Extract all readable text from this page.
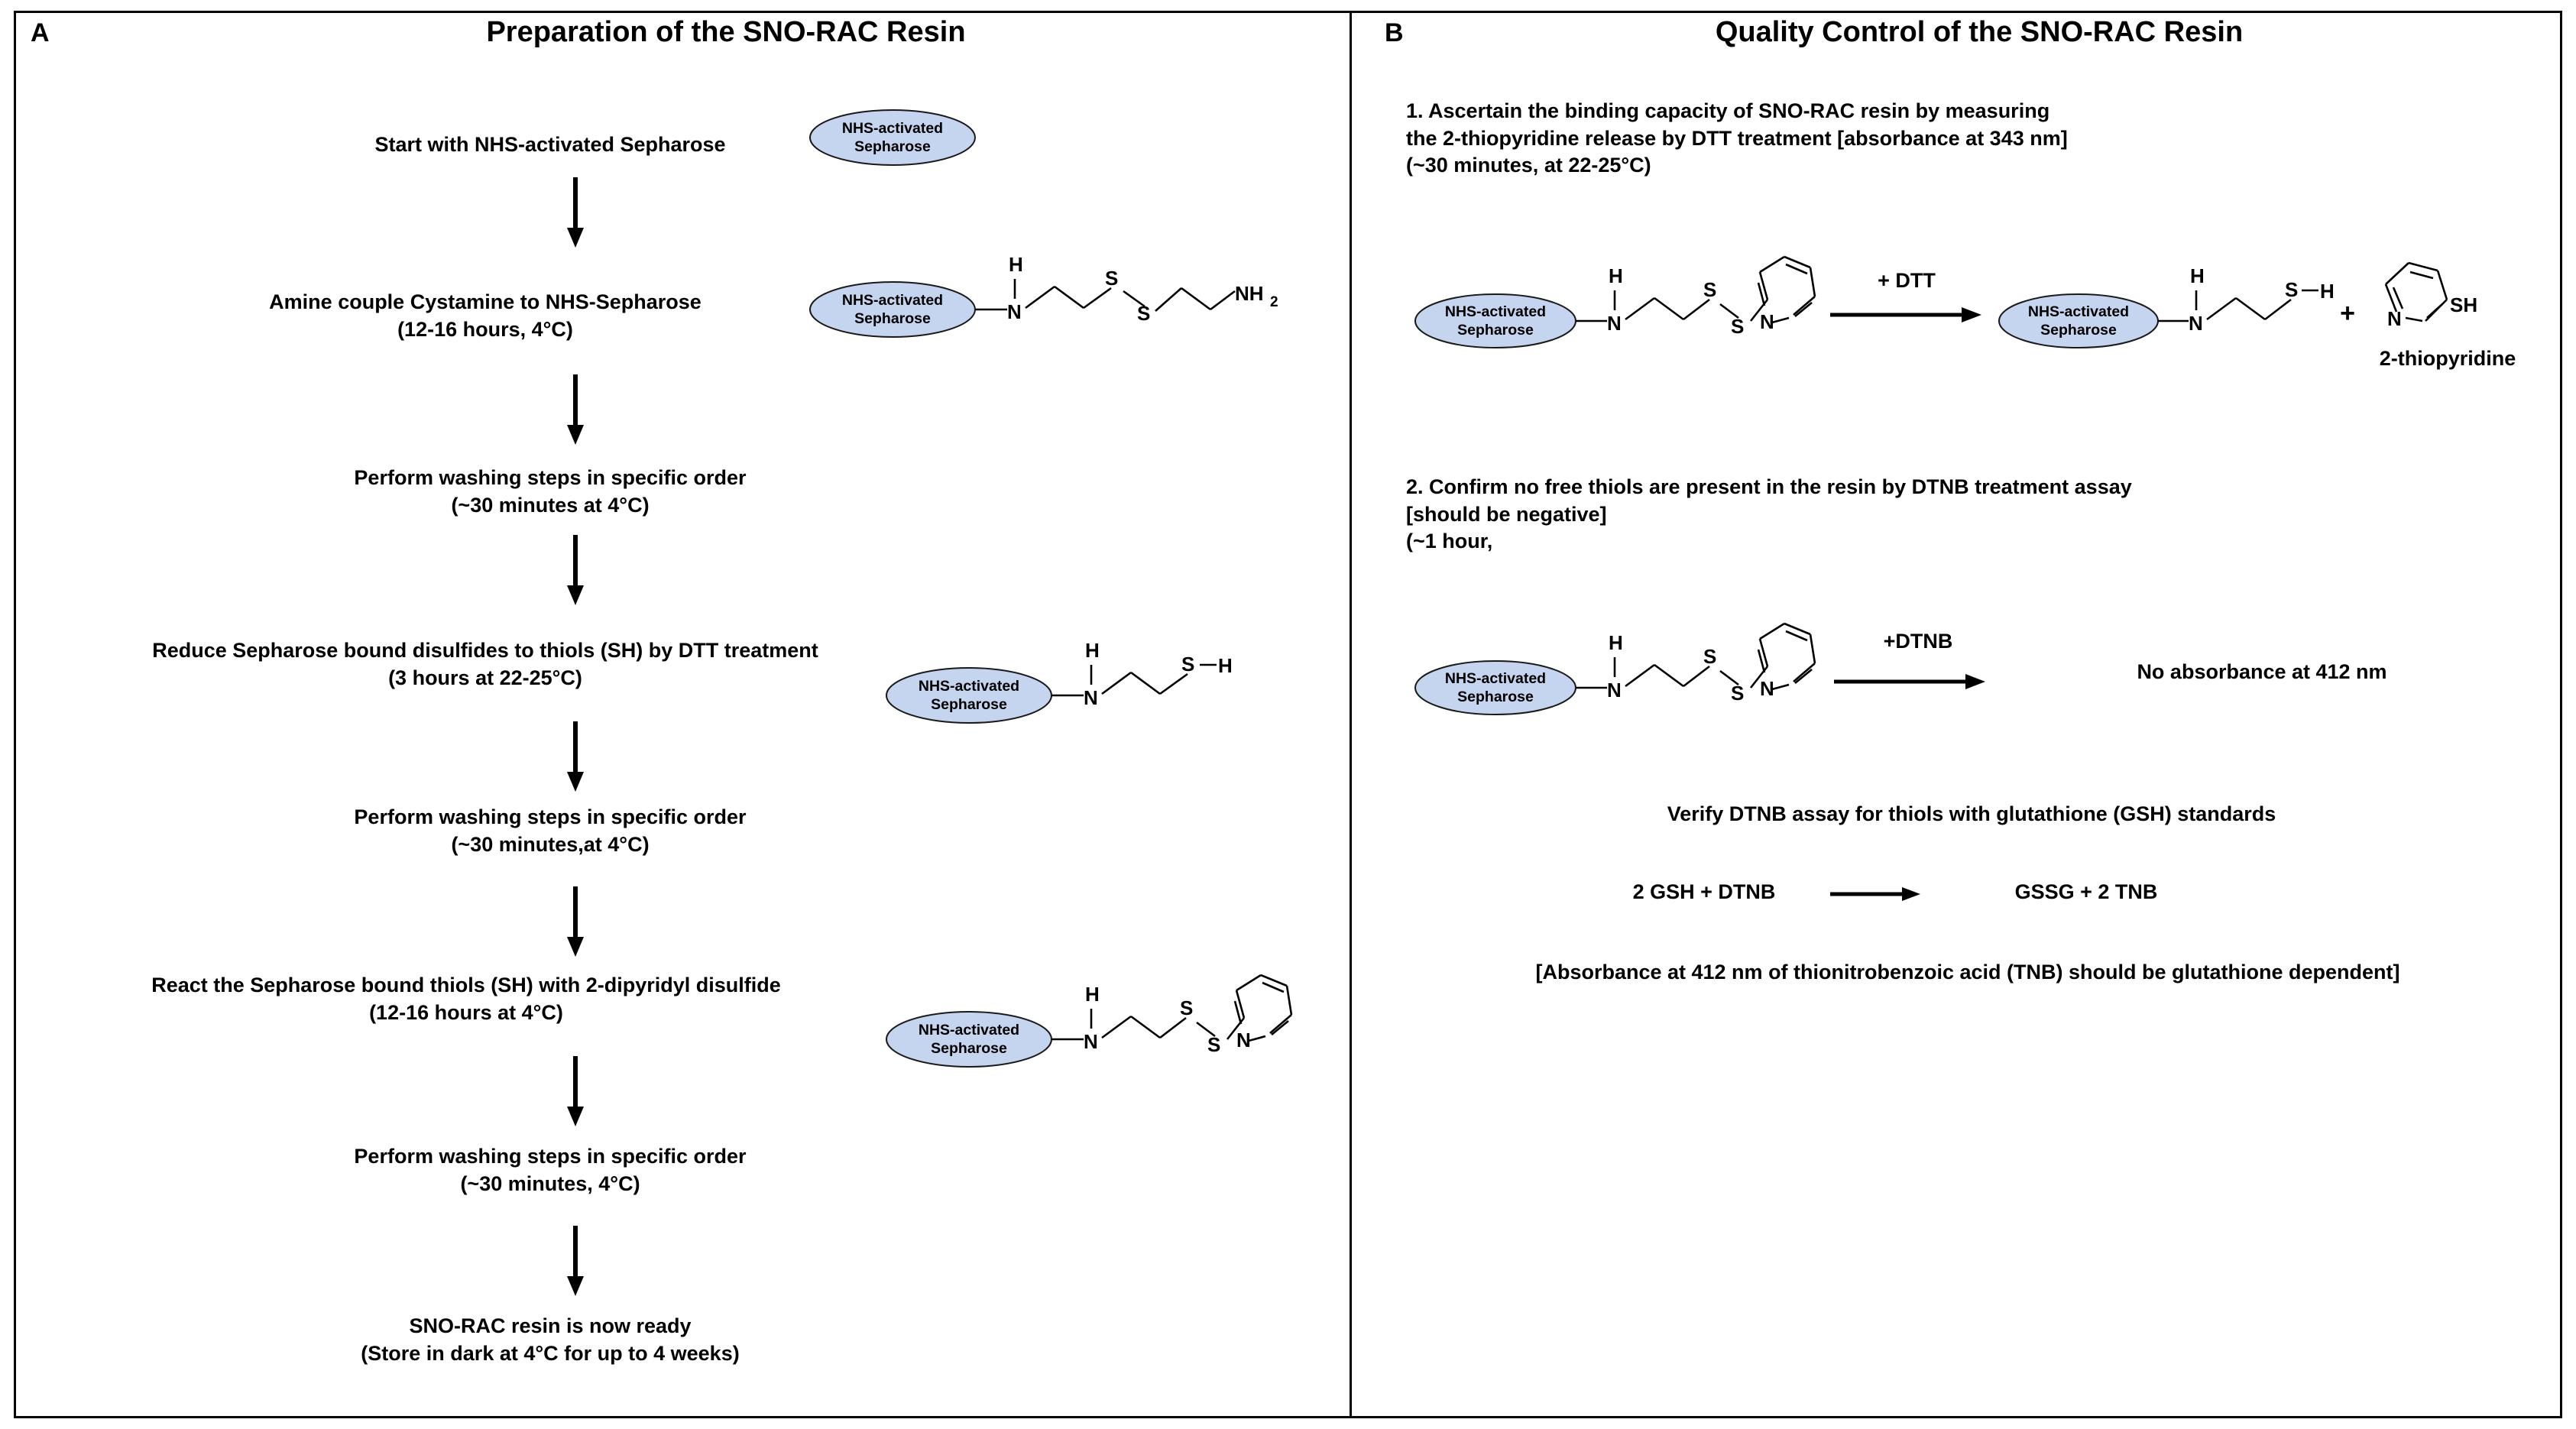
A	Preparation of the SNO-RAC Resin
Start with NHS-activated Sepharose
Amine couple Cystamine to NHS-Sepharose
(12-16 hours, 4°C)
Perform washing steps in specific order
(~30 minutes at 4°C)
Reduce Sepharose bound disulfides to thiols (SH) by DTT treatment
(3 hours at 22-25°C)
Perform washing steps in specific order
(~30 minutes,at 4°C)
React the Sepharose bound thiols (SH) with 2-dipyridyl disulfide
(12-16 hours at 4°C)
Perform washing steps in specific order
(~30 minutes, 4°C)
SNO-RAC resin is now ready
(Store in dark at 4°C for up to 4 weeks)
NHS-activated
Sepharose
NHS-activated
Sepharose	N
H
S
S
NH 2
NHS-activated
Sepharose	N
H
S H
NHS-activated
Sepharose	N
H
S
S N
B	Quality Control of the SNO-RAC Resin
1. Ascertain the binding capacity of SNO-RAC resin by measuring
the 2-thiopyridine release by DTT treatment [absorbance at 343 nm]
(~30 minutes, at 22-25°C)
NHS-activated
Sepharose	N
H
S
S N
+ DTT
NHS-activated
Sepharose	N
H
S H
+	N
SH
2-thiopyridine
2. Confirm no free thiols are present in the resin by DTNB treatment assay
[should be negative]
(~1 hour,
NHS-activated
Sepharose	N
H
S
S N
+DTNB
No absorbance at 412 nm
Verify DTNB assay for thiols with glutathione (GSH) standards
2 GSH + DTNB	GSSG + 2 TNB
[Absorbance at 412 nm of thionitrobenzoic acid (TNB) should be glutathione dependent]
